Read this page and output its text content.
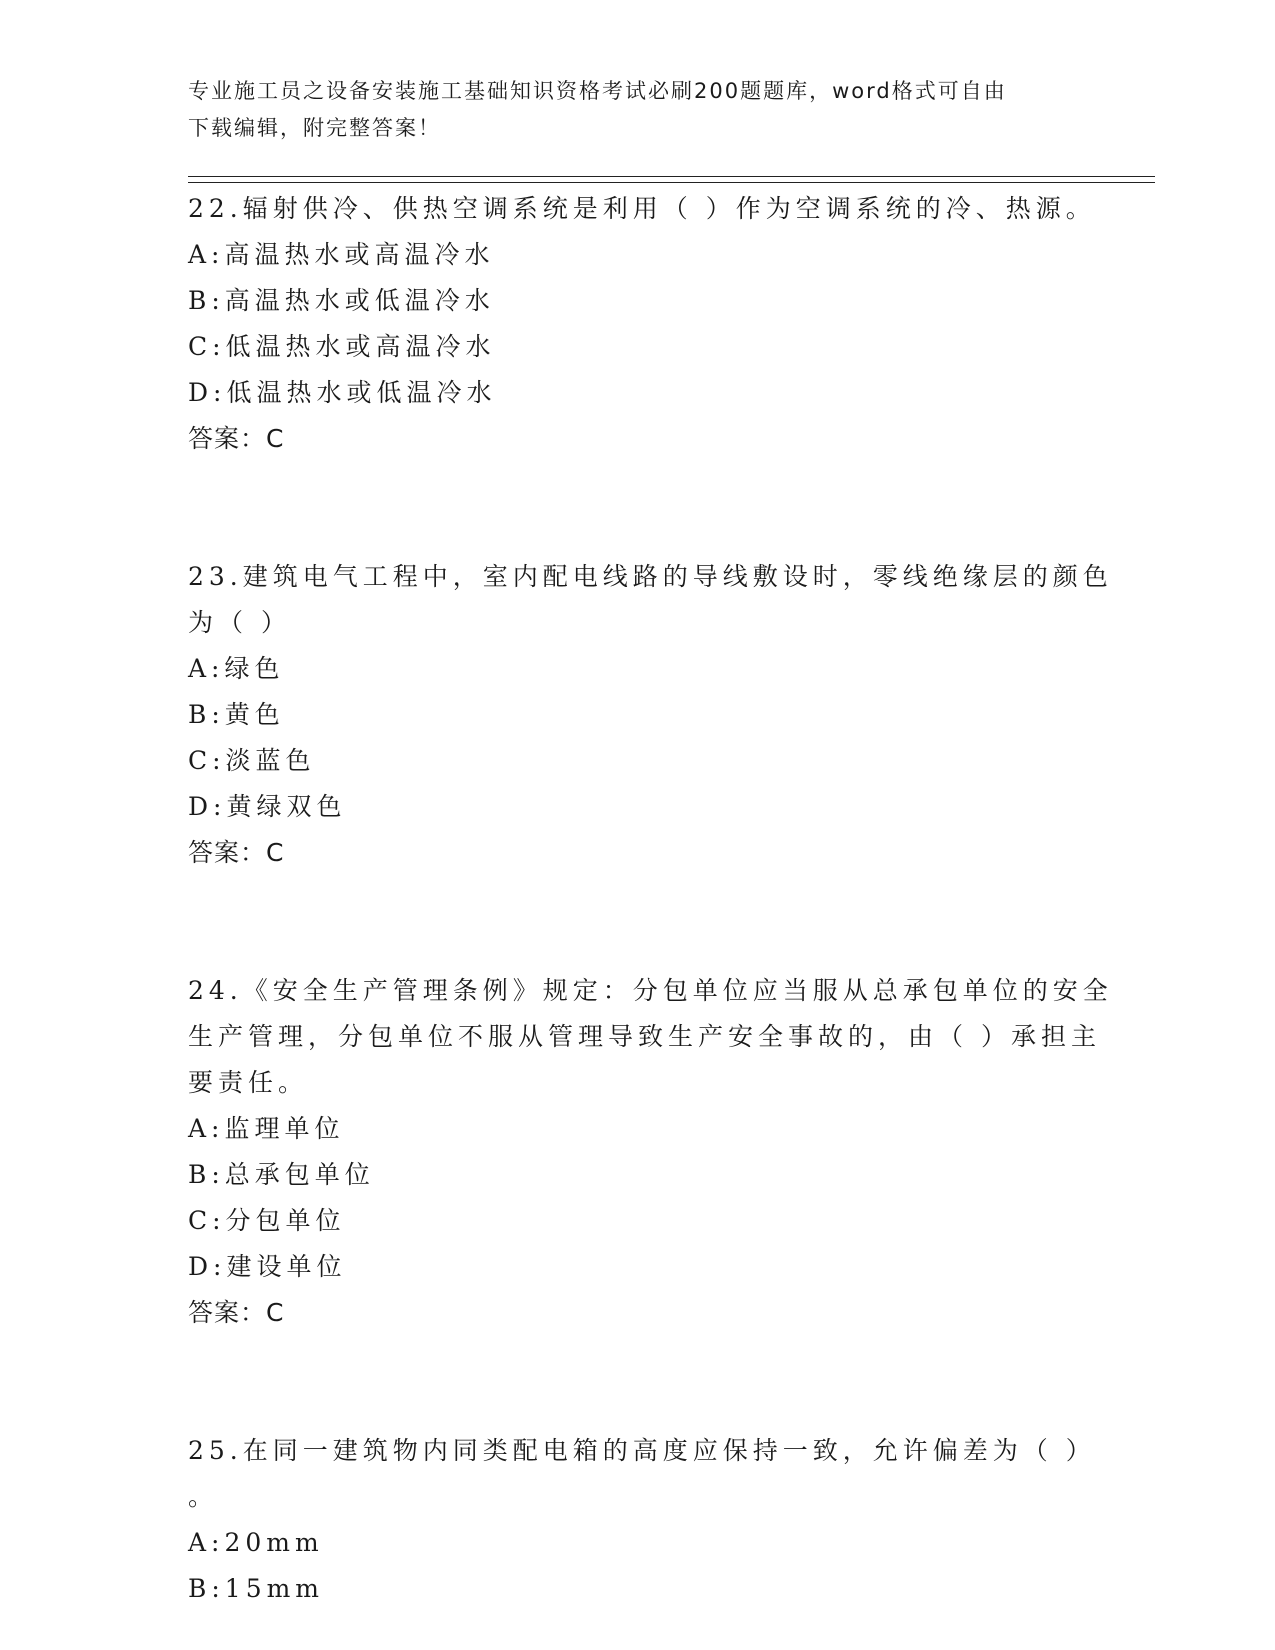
专业施工员之设备安装施工基础知识资格考试必刷200题题库，word格式可自由

下载编辑，附完整答案！

22.辐射供冷、供热空调系统是利用（ ）作为空调系统的冷、热源。
A:高温热水或高温冷水
B:高温热水或低温冷水
C:低温热水或高温冷水
D:低温热水或低温冷水
答案：C
23.建筑电气工程中，室内配电线路的导线敷设时，零线绝缘层的颜色
为（ ）
A:绿色
B:黄色
C:淡蓝色
D:黄绿双色
答案：C
24.《安全生产管理条例》规定：分包单位应当服从总承包单位的安全
生产管理，分包单位不服从管理导致生产安全事故的，由（ ）承担主
要责任。
A:监理单位
B:总承包单位
C:分包单位
D:建设单位
答案：C
25.在同一建筑物内同类配电箱的高度应保持一致，允许偏差为（ ）
。
A:20mm
B:15mm
